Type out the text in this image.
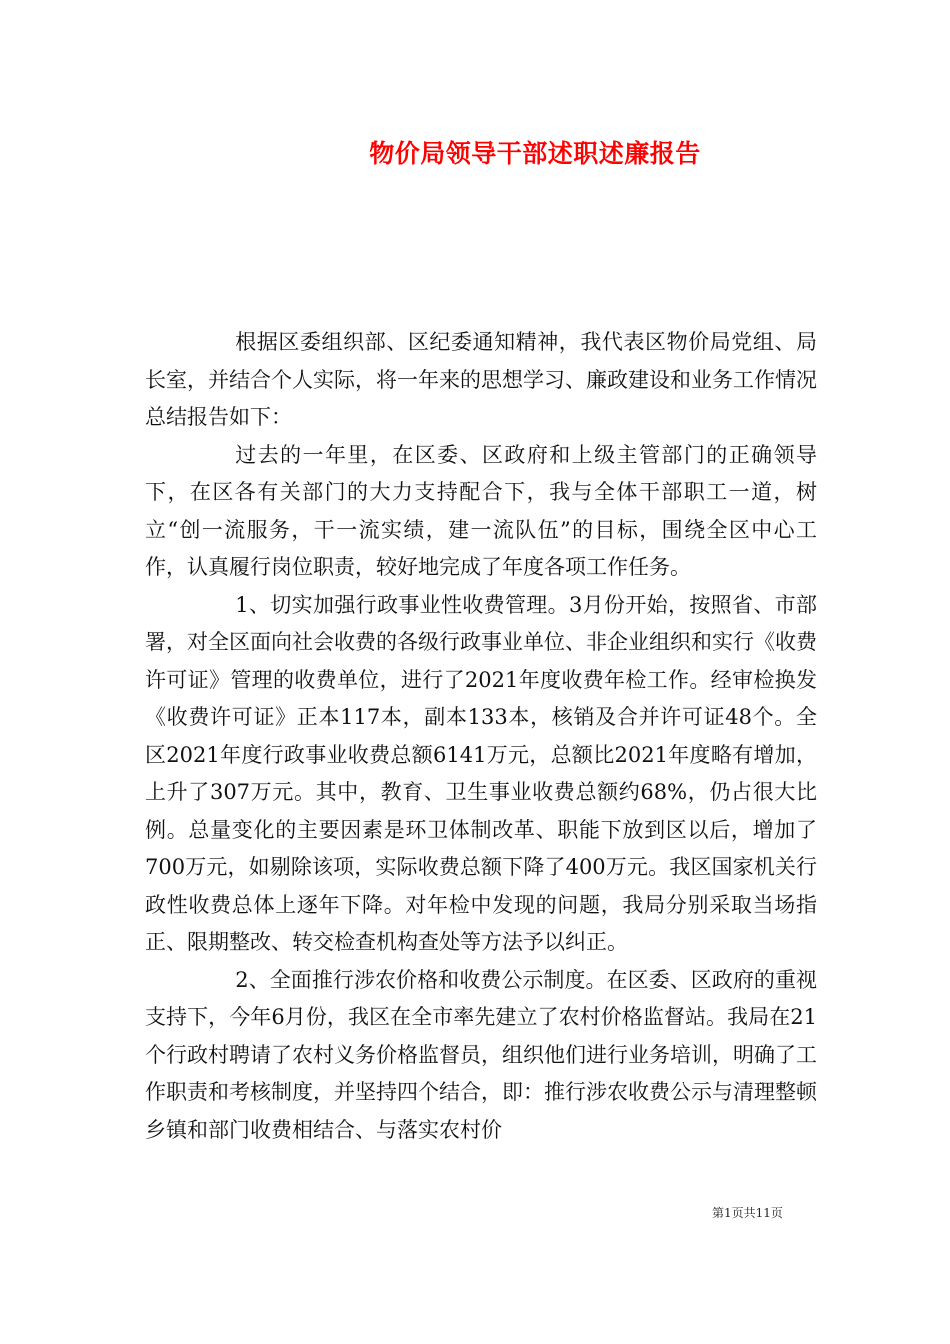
物价局领导干部述职述廉报告

根据区委组织部、区纪委通知精神，我代表区物价局党组、局长室，并结合个人实际，将一年来的思想学习、廉政建设和业务工作情况总结报告如下：

过去的一年里，在区委、区政府和上级主管部门的正确领导下，在区各有关部门的大力支持配合下，我与全体干部职工一道，树立“创一流服务，干一流实绩，建一流队伍”的目标，围绕全区中心工作，认真履行岗位职责，较好地完成了年度各项工作任务。

1、切实加强行政事业性收费管理。3月份开始，按照省、市部署，对全区面向社会收费的各级行政事业单位、非企业组织和实行《收费许可证》管理的收费单位，进行了2021年度收费年检工作。经审检换发《收费许可证》正本117本，副本133本，核销及合并许可证48个。全区2021年度行政事业收费总额6141万元，总额比2021年度略有增加，上升了307万元。其中，教育、卫生事业收费总额约68%，仍占很大比例。总量变化的主要因素是环卫体制改革、职能下放到区以后，增加了700万元，如剔除该项，实际收费总额下降了400万元。我区国家机关行政性收费总体上逐年下降。对年检中发现的问题，我局分别采取当场指正、限期整改、转交检查机构查处等方法予以纠正。

2、全面推行涉农价格和收费公示制度。在区委、区政府的重视支持下，今年6月份，我区在全市率先建立了农村价格监督站。我局在21个行政村聘请了农村义务价格监督员，组织他们进行业务培训，明确了工作职责和考核制度，并坚持四个结合，即：推行涉农收费公示与清理整顿乡镇和部门收费相结合、与落实农村价

第1页共11页
